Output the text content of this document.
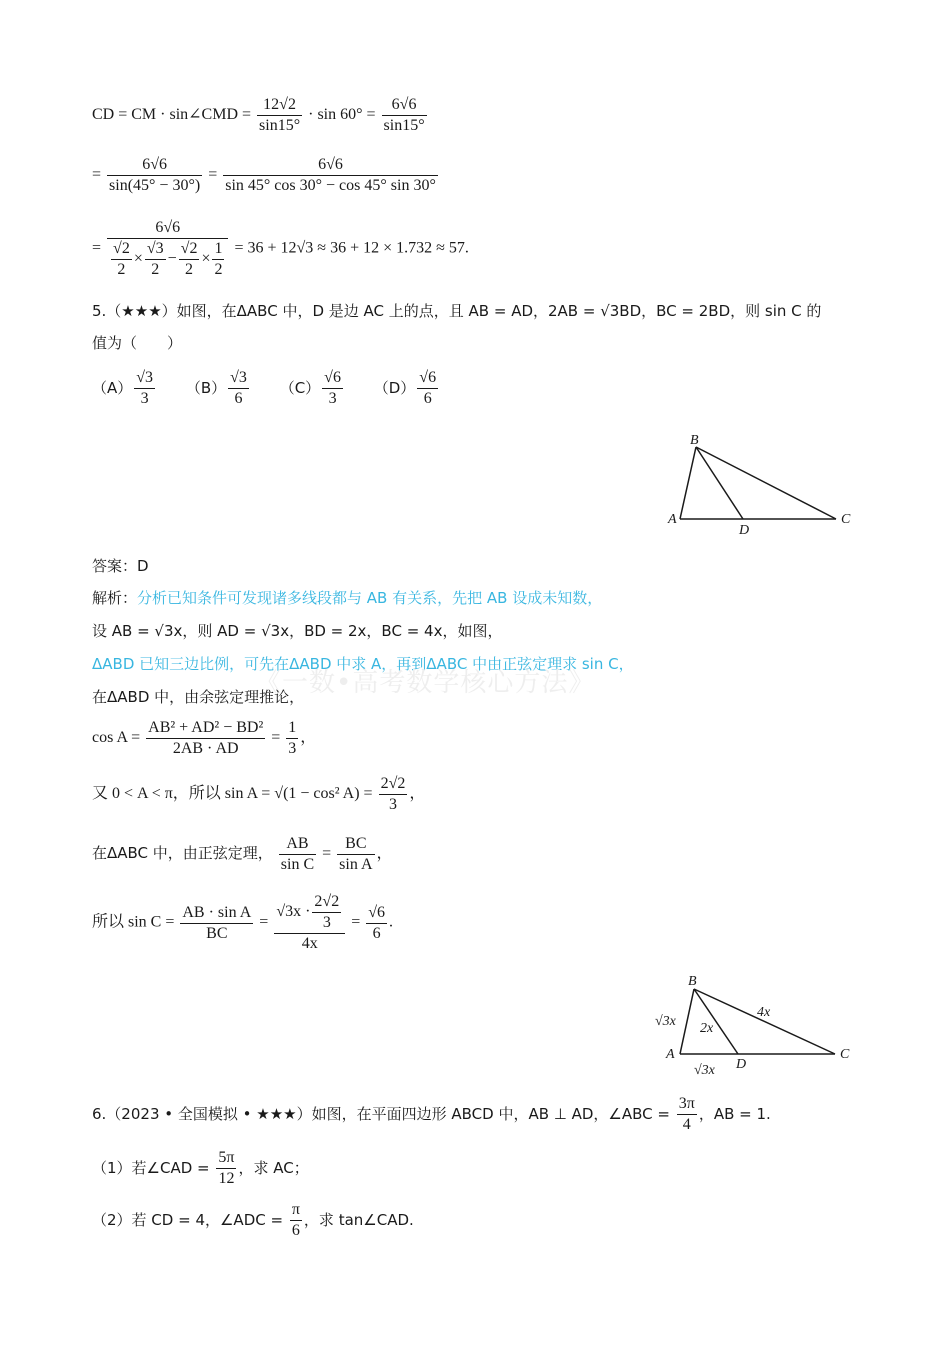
CD = CM · sin∠CMD = $\frac{12√2}{\sin 15^\circ} \cdot \sin 60^\circ = \frac{6√6}{\sin 15^\circ}$
= $\frac{6√6}{\sin(45^\circ - 30^\circ)} = \frac{6√6}{\sin 45^\circ \cos 30^\circ - \cos 45^\circ \sin 30^\circ}$
= $\frac{6√6}{\frac{√2}{2} \times \frac{√3}{2} - \frac{√2}{2} \times \frac{1}{2}} = 36 + 12√3 \approx 36 + 12 \times 1.732 \approx 57$.
5.（★★★）如图，在ΔABC 中，D 是边 AC 上的点，且 AB = AD，2AB = √3BD，BC = 2BD，则 sin C 的
值为（　　）
$(A) \frac{√3}{3} (B) \frac{√3}{6} (C) \frac{√6}{3} (D) \frac{√6}{6}$
B
A
D
C
答案：D
解析：分析已知条件可发现诸多线段都与 AB 有关系，先把 AB 设成未知数，
设 AB = √3x，则 AD = √3x，BD = 2x，BC = 4x，如图，
ΔABD 已知三边比例，可先在ΔABD 中求 A，再到ΔABC 中由正弦定理求 sin C，
《一数•高考数学核心方法》
在ΔABD 中，由余弦定理推论，
$\cos A = \frac{\text{AB² + AD² − BD²}}{2AB \cdot AD} = \frac{1}{3}$ ，
又 0 < A < π，所以 sin A = √(1 − cos² $A) = \frac{2√2}{3}$ ，
在ΔABC 中，由正弦定理， $\frac{AB}{\text{sin C}} = \frac{BC}{\text{sin A}}$ ，
所以 $\sin C = \frac{\text{AB · sin A}}{BC} = \frac{√3x \cdot \frac{2√2}{3}}{4x} = \frac{√6}{6}$ .
B
A
D
C
√3x 2x
4x
√3x
6.（2023 • 全国模拟 • ★★★）如图，在平面四边形 ABCD 中，AB ⊥ AD，∠ABC = $\frac{3\pi}{4}$ ，AB = 1.
（1）若∠CAD = $\frac{5\pi}{12}$ ，求 AC；
（2）若 CD = 4，∠ADC = $\frac{\pi}{6}$ ，求 tan∠CAD.
